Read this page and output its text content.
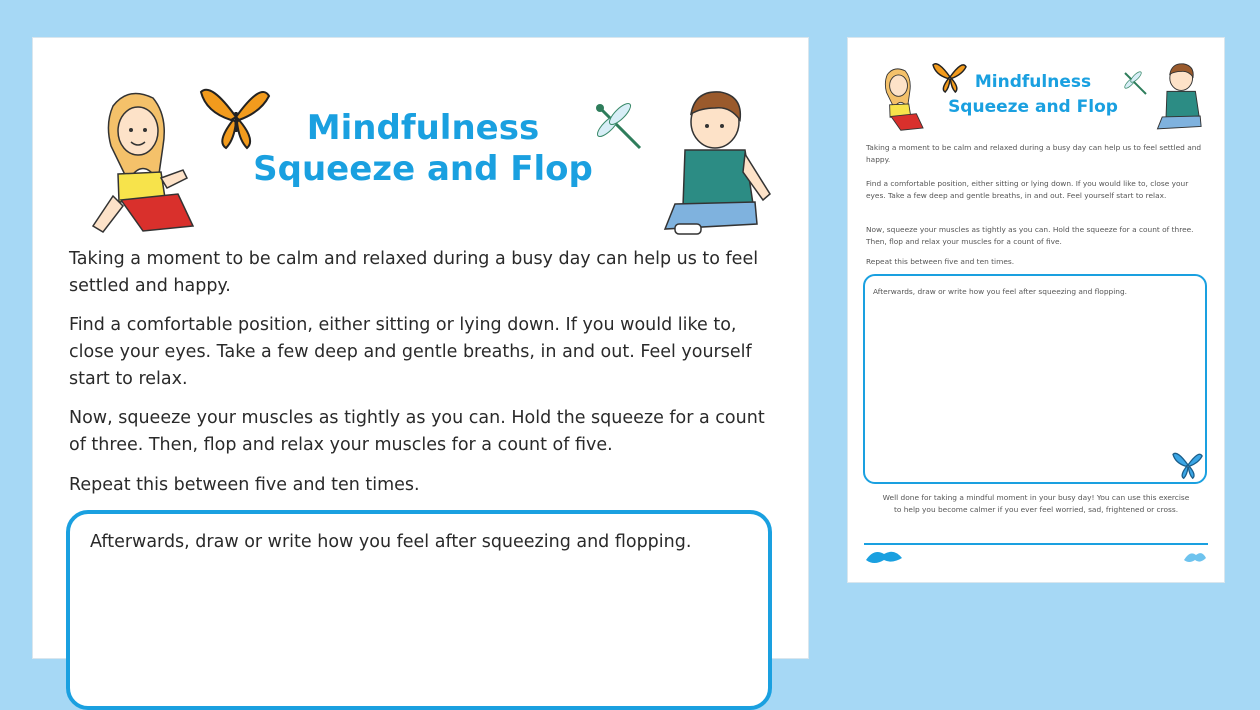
Mindfulness
Squeeze and Flop

Taking a moment to be calm and relaxed during a busy day can help us to feel settled and happy.

Find a comfortable position, either sitting or lying down. If you would like to, close your eyes. Take a few deep and gentle breaths, in and out. Feel yourself start to relax.

Now, squeeze your muscles as tightly as you can. Hold the squeeze for a count of three. Then, flop and relax your muscles for a count of five.

Repeat this between five and ten times.

Afterwards, draw or write how you feel after squeezing and flopping.

Mindfulness
Squeeze and Flop

Taking a moment to be calm and relaxed during a busy day can help us to feel settled and happy.

Find a comfortable position, either sitting or lying down. If you would like to, close your eyes. Take a few deep and gentle breaths, in and out. Feel yourself start to relax.

Now, squeeze your muscles as tightly as you can. Hold the squeeze for a count of three. Then, flop and relax your muscles for a count of five.

Repeat this between five and ten times.

Afterwards, draw or write how you feel after squeezing and flopping.

Well done for taking a mindful moment in your busy day! You can use this exercise to help you become calmer if you ever feel worried, sad, frightened or cross.
